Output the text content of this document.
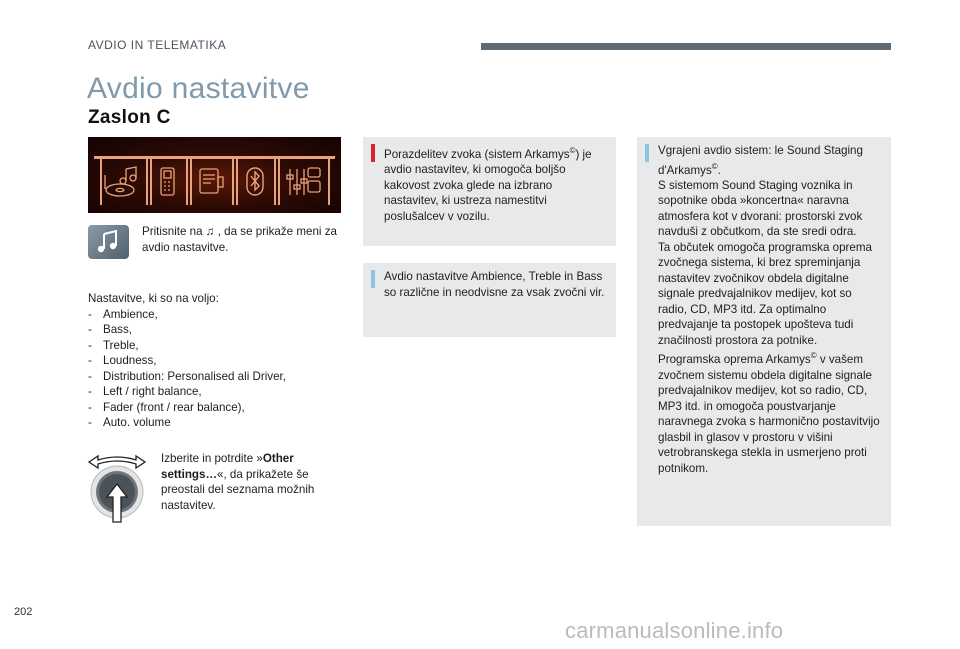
AVDIO IN TELEMATIKA
Avdio nastavitve
Zaslon C
Pritisnite na ♫ , da se prikaže meni za avdio nastavitve.
Nastavitve, ki so na voljo:
- Ambience,
- Bass,
- Treble,
- Loudness,
- Distribution: Personalised ali Driver,
- Left / right balance,
- Fader (front / rear balance),
- Auto. volume
Izberite in potrdite »Other settings…«, da prikažete še preostali del seznama možnih nastavitev.
Porazdelitev zvoka (sistem Arkamys©) je avdio nastavitev, ki omogoča boljšo kakovost zvoka glede na izbrano nastavitev, ki ustreza namestitvi poslušalcev v vozilu.
Avdio nastavitve Ambience, Treble in Bass so različne in neodvisne za vsak zvočni vir.
Vgrajeni avdio sistem: le Sound Staging d'Arkamys©.
S sistemom Sound Staging voznika in sopotnike obda »koncertna« naravna atmosfera kot v dvorani: prostorski zvok navduši z občutkom, da ste sredi odra.
Ta občutek omogoča programska oprema zvočnega sistema, ki brez spreminjanja nastavitev zvočnikov obdela digitalne signale predvajalnikov medijev, kot so radio, CD, MP3 itd. Za optimalno predvajanje ta postopek upošteva tudi značilnosti prostora za potnike.
Programska oprema Arkamys© v vašem zvočnem sistemu obdela digitalne signale predvajalnikov medijev, kot so radio, CD, MP3 itd. in omogoča poustvarjanje naravnega zvoka s harmonično postavitvijo glasbil in glasov v prostoru v višini vetrobranskega stekla in usmerjeno proti potnikom.
202
carmanualsonline.info
